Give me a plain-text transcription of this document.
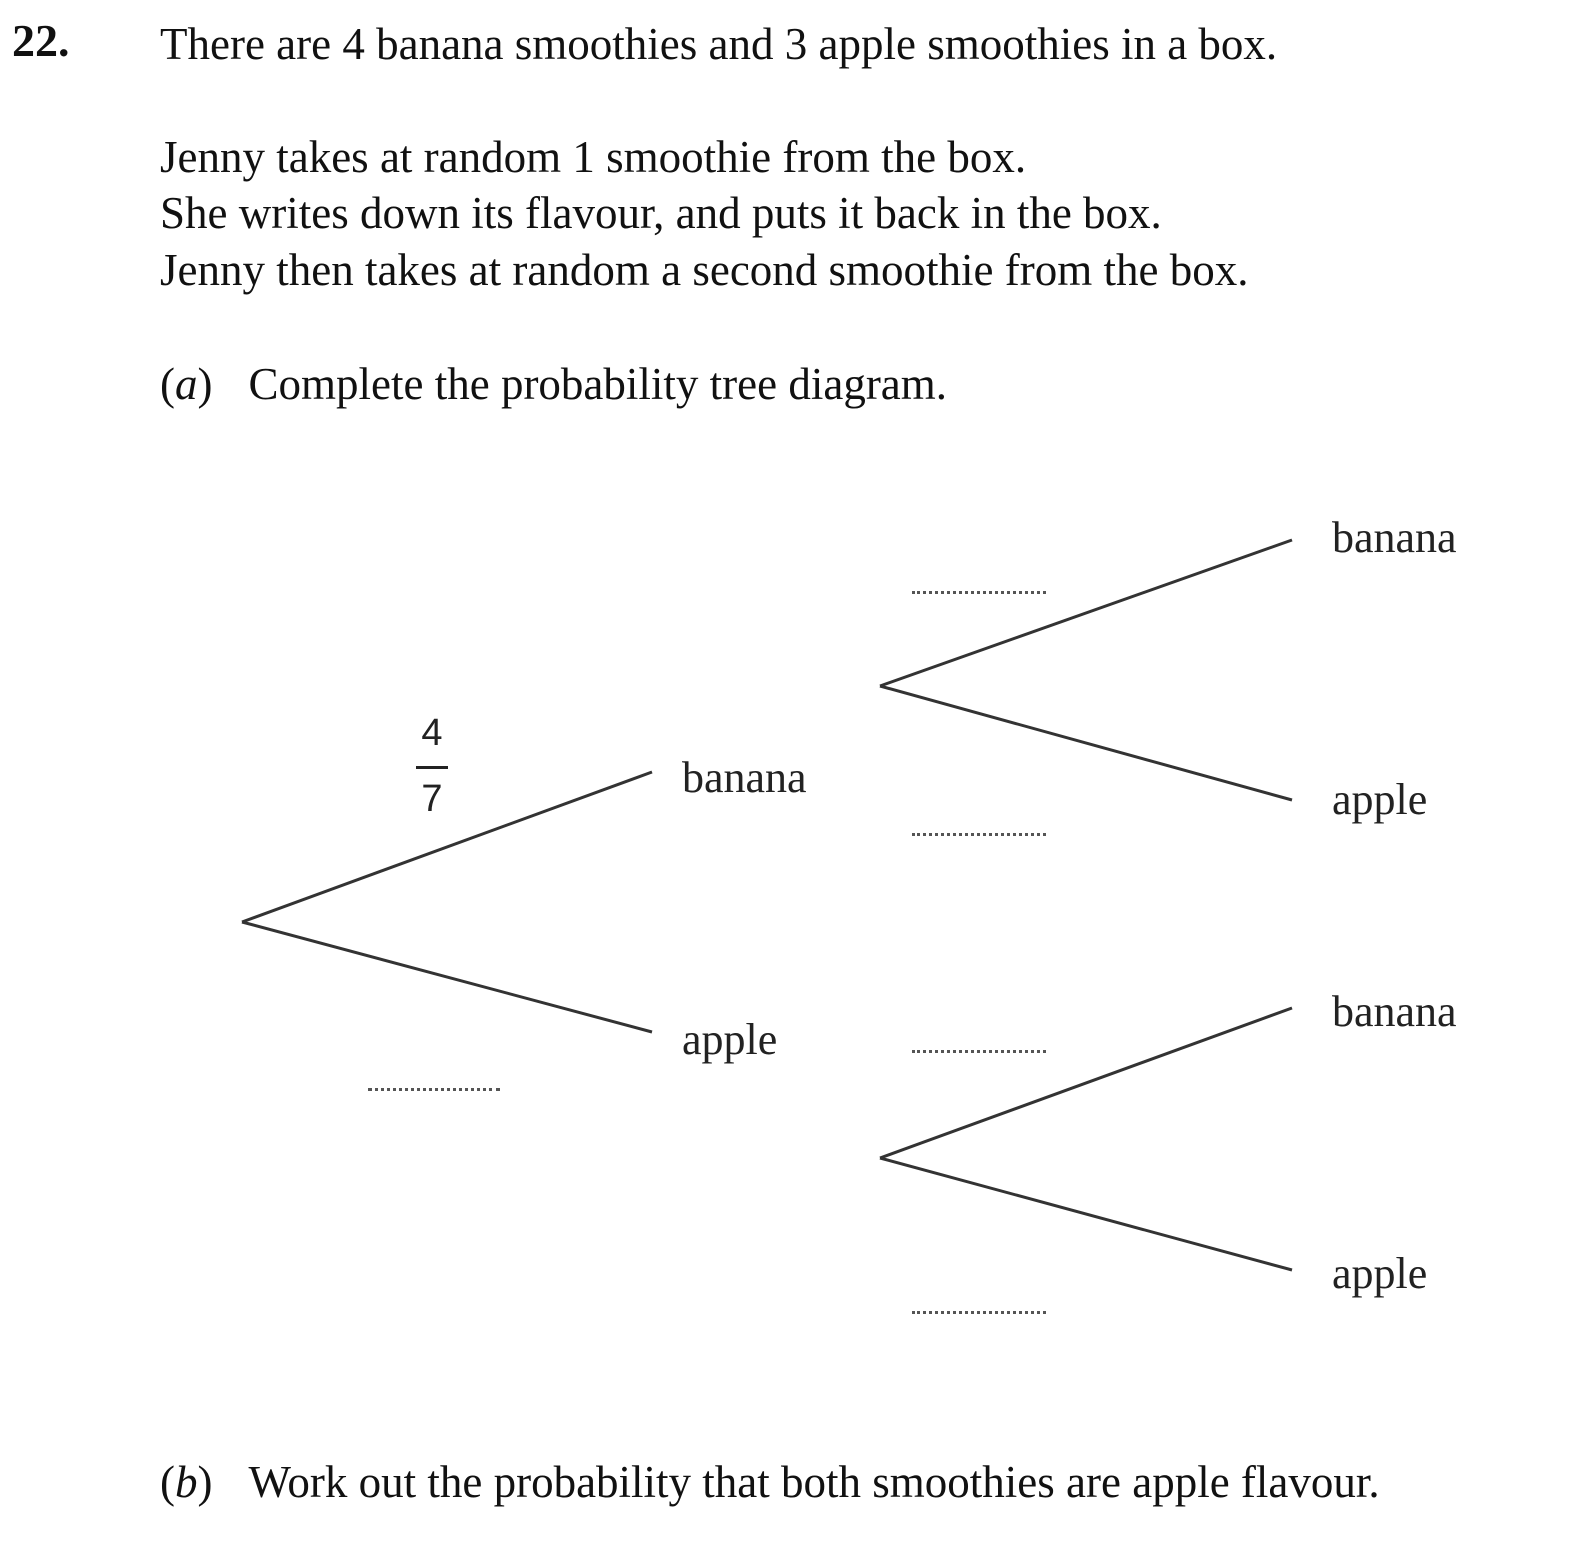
22. There are 4 banana smoothies and 3 apple smoothies in a box.
Jenny takes at random 1 smoothie from the box.
She writes down its flavour, and puts it back in the box.
Jenny then takes at random a second smoothie from the box.
(a) Complete the probability tree diagram.
4
7	banana
apple
banana
apple
banana
apple
(b) Work out the probability that both smoothies are apple flavour.
